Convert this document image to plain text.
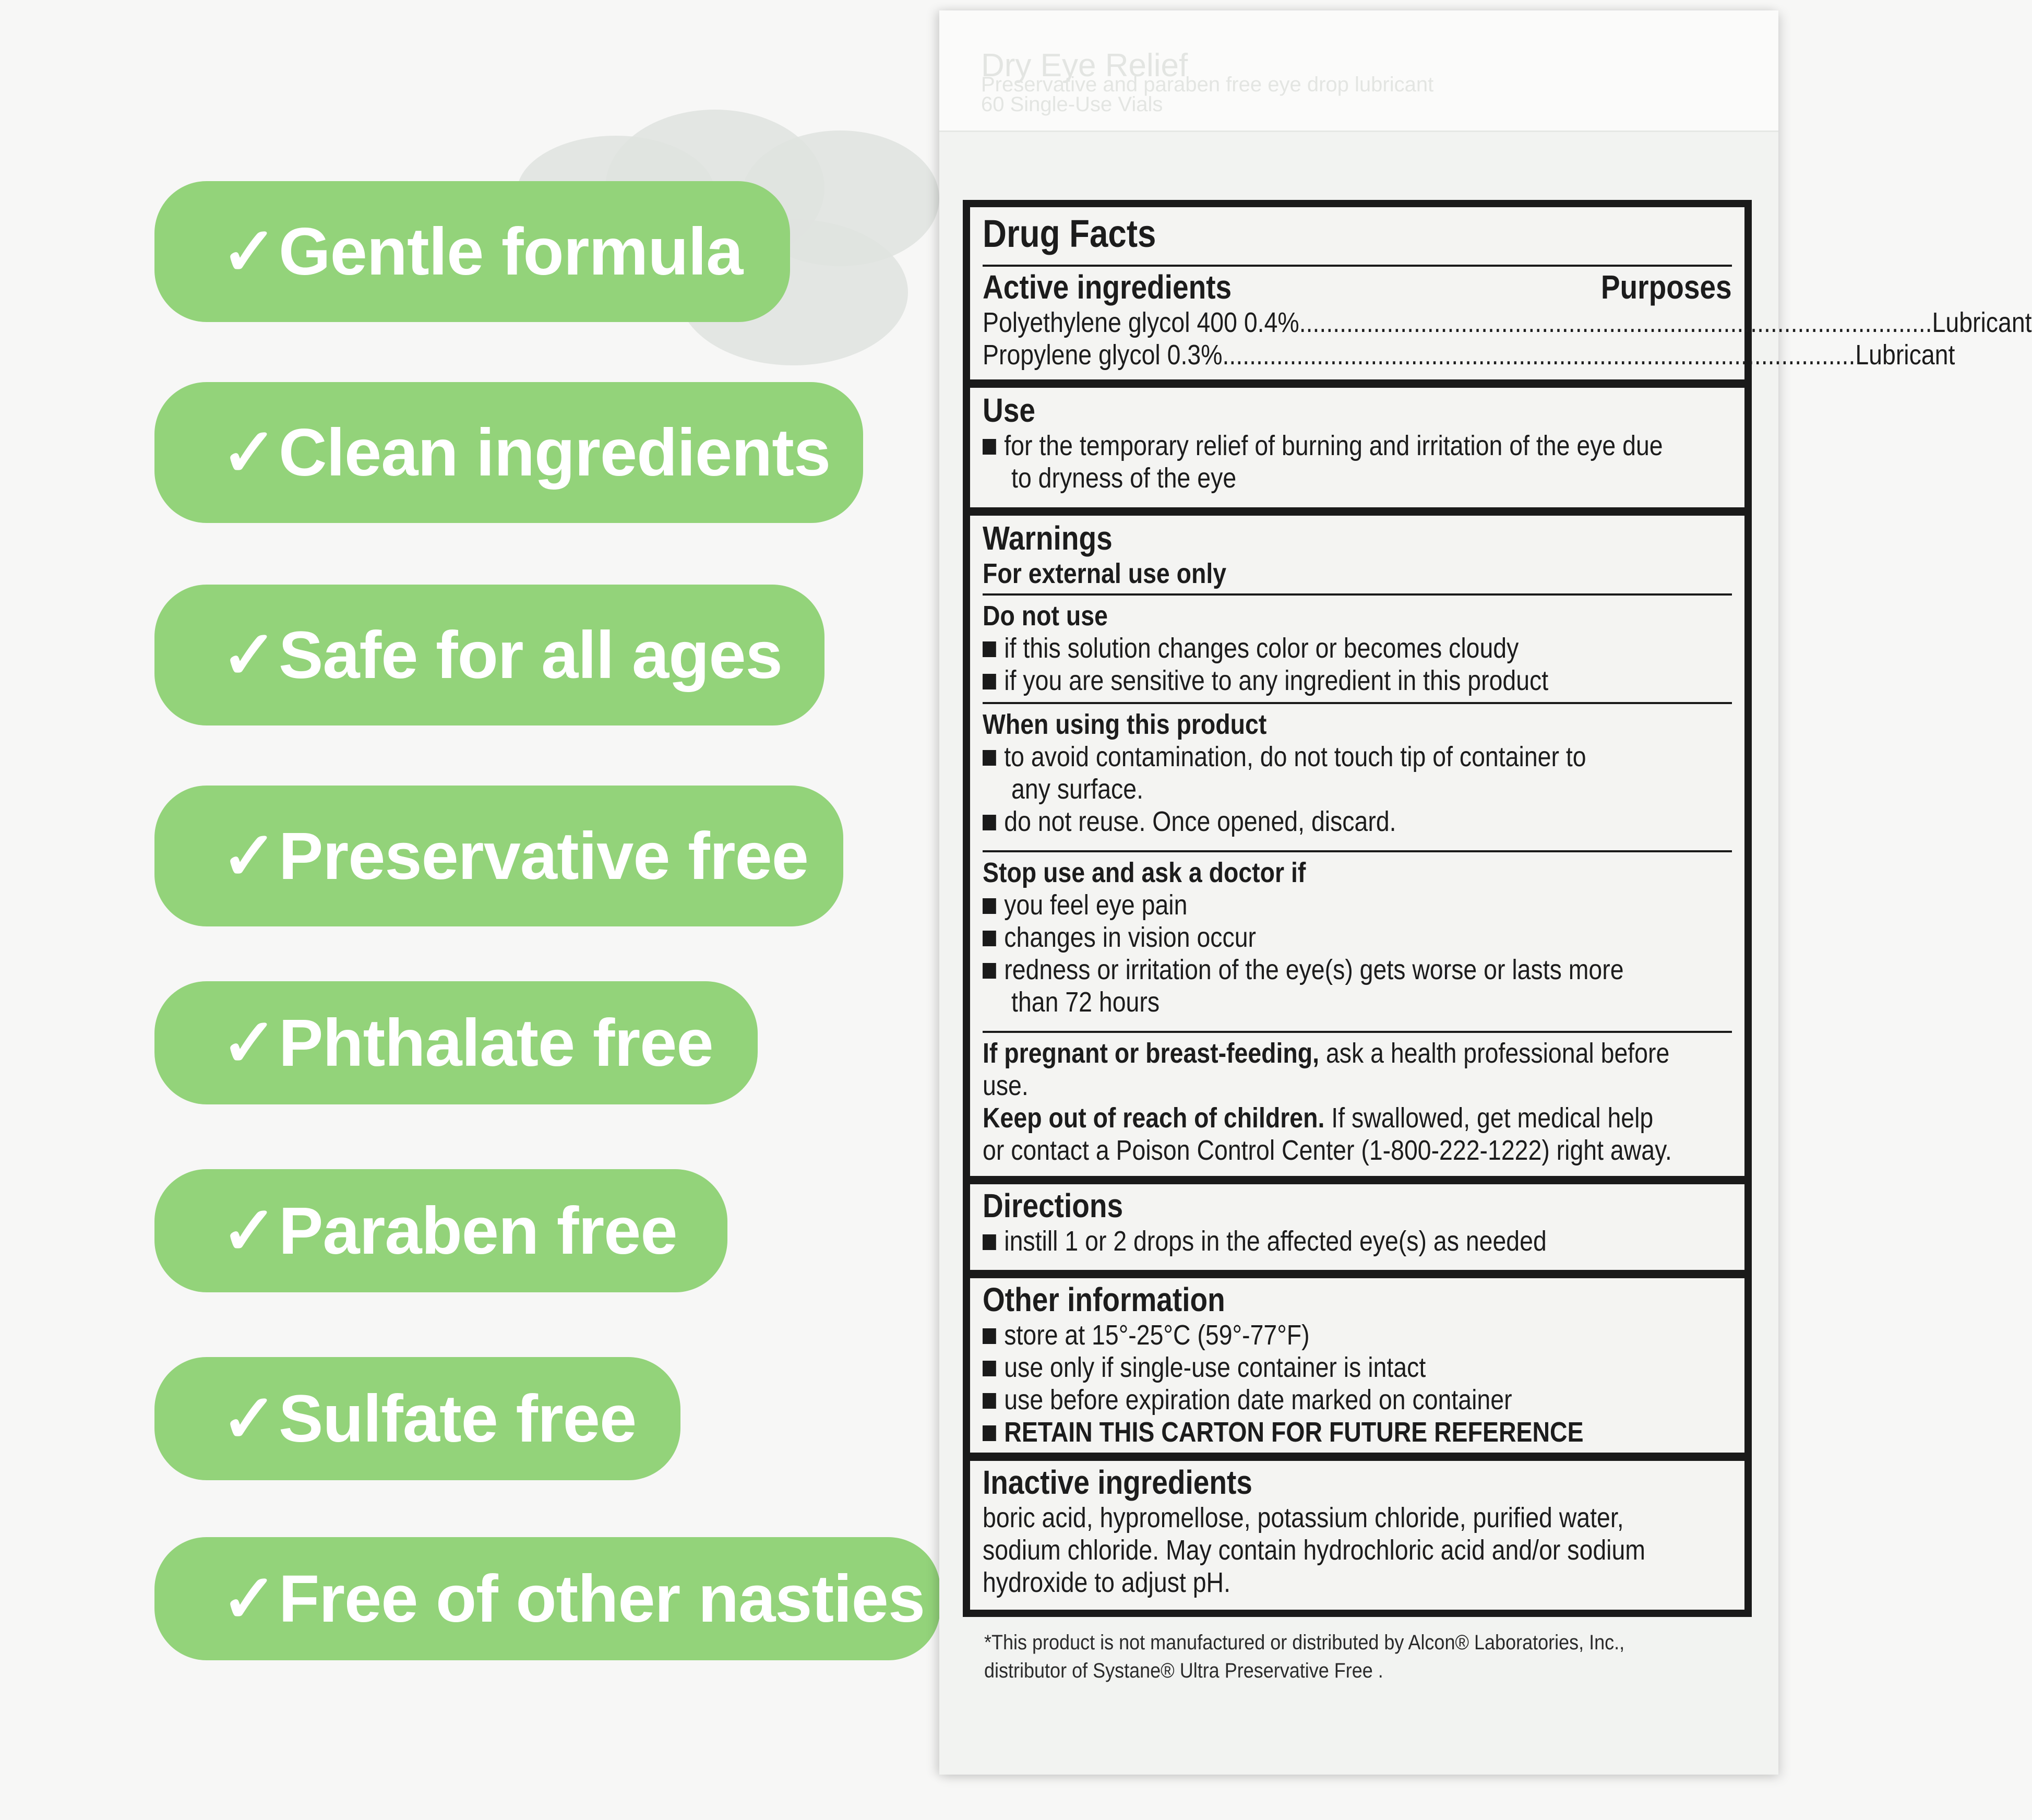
✓ Gentle formula
✓ Clean ingredients
✓ Safe for all ages
✓ Preservative free
✓ Phthalate free
✓ Paraben free
✓ Sulfate free
✓ Free of other nasties
Dry Eye Relief
Preservative and paraben free eye drop lubricant
60 Single-Use Vials
Drug Facts
Active ingredients	Purposes
Polyethylene glycol 400 0.4% .............................................................................................. Lubricant
Propylene glycol 0.3% .............................................................................................. Lubricant
Use
for the temporary relief of burning and irritation of the eye due
to dryness of the eye
Warnings
For external use only
Do not use
if this solution changes color or becomes cloudy
if you are sensitive to any ingredient in this product
When using this product
to avoid contamination, do not touch tip of container to
any surface.
do not reuse. Once opened, discard.
Stop use and ask a doctor if
you feel eye pain
changes in vision occur
redness or irritation of the eye(s) gets worse or lasts more
than 72 hours
If pregnant or breast-feeding, ask a health professional before
use.
Keep out of reach of children. If swallowed, get medical help
or contact a Poison Control Center (1-800-222-1222) right away.
Directions
instill 1 or 2 drops in the affected eye(s) as needed
Other information
store at 15°-25°C (59°-77°F)
use only if single-use container is intact
use before expiration date marked on container
RETAIN THIS CARTON FOR FUTURE REFERENCE
Inactive ingredients
boric acid, hypromellose, potassium chloride, purified water,
sodium chloride. May contain hydrochloric acid and/or sodium
hydroxide to adjust pH.
*This product is not manufactured or distributed by Alcon® Laboratories, Inc.,
distributor of Systane® Ultra Preservative Free .
